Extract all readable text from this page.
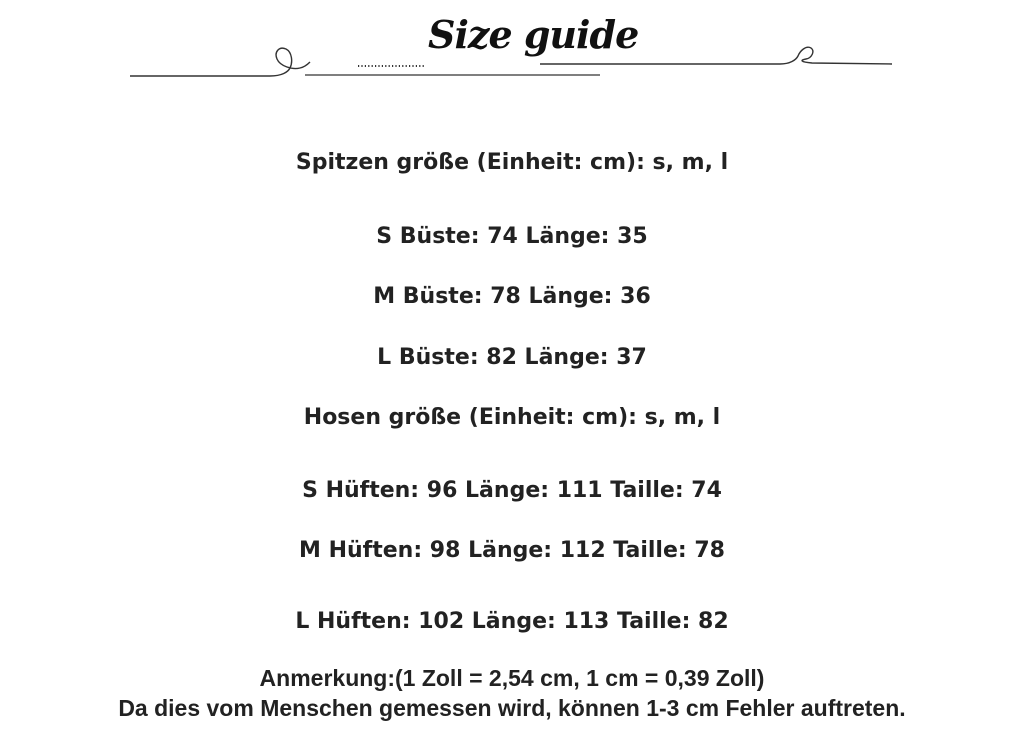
Size guide
Spitzen größe (Einheit: cm): s, m, l
S Büste: 74 Länge: 35
M Büste: 78 Länge: 36
L Büste: 82 Länge: 37
Hosen größe (Einheit: cm): s, m, l
S Hüften: 96 Länge: 111 Taille: 74
M Hüften: 98 Länge: 112 Taille: 78
L Hüften: 102 Länge: 113 Taille: 82
Anmerkung:(1 Zoll = 2,54 cm, 1 cm = 0,39 Zoll)
Da dies vom Menschen gemessen wird, können 1-3 cm Fehler auftreten.
